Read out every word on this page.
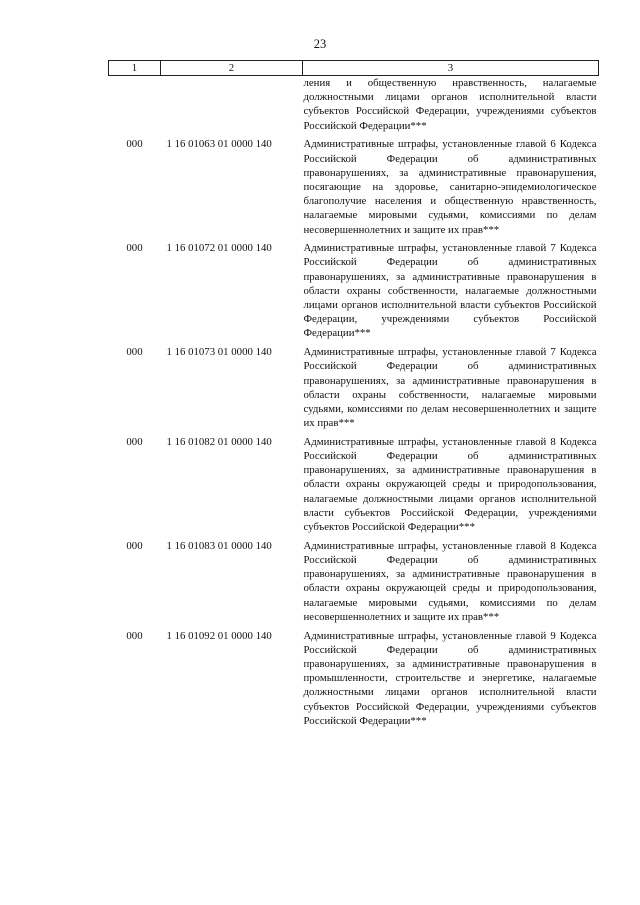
23
1	2	3
		ления и общественную нравственность, налагаемые должностными лицами органов исполнительной власти субъектов Российской Федерации, учреждениями субъектов Российской Федерации***
000	1 16 01063 01 0000 140	Административные штрафы, установленные главой 6 Кодекса Российской Федерации об административных правонарушениях, за административные правонарушения, посягающие на здоровье, санитарно-эпидемиологическое благополучие населения и общественную нравственность, налагаемые мировыми судьями, комиссиями по делам несовершеннолетних и защите их прав***
000	1 16 01072 01 0000 140	Административные штрафы, установленные главой 7 Кодекса Российской Федерации об административных правонарушениях, за административные правонарушения в области охраны собственности, налагаемые должностными лицами органов исполнительной власти субъектов Российской Федерации, учреждениями субъектов Российской Федерации***
000	1 16 01073 01 0000 140	Административные штрафы, установленные главой 7 Кодекса Российской Федерации об административных правонарушениях, за административные правонарушения в области охраны собственности, налагаемые мировыми судьями, комиссиями по делам несовершеннолетних и защите их прав***
000	1 16 01082 01 0000 140	Административные штрафы, установленные главой 8 Кодекса Российской Федерации об административных правонарушениях, за административные правонарушения в области охраны окружающей среды и природопользования, налагаемые должностными лицами органов исполнительной власти субъектов Российской Федерации, учреждениями субъектов Российской Федерации***
000	1 16 01083 01 0000 140	Административные штрафы, установленные главой 8 Кодекса Российской Федерации об административных правонарушениях, за административные правонарушения в области охраны окружающей среды и природопользования, налагаемые мировыми судьями, комиссиями по делам несовершеннолетних и защите их прав***
000	1 16 01092 01 0000 140	Административные штрафы, установленные главой 9 Кодекса Российской Федерации об административных правонарушениях, за административные правонарушения в промышленности, строительстве и энергетике, налагаемые должностными лицами органов исполнительной власти субъектов Российской Федерации, учреждениями субъектов Российской Федерации***
